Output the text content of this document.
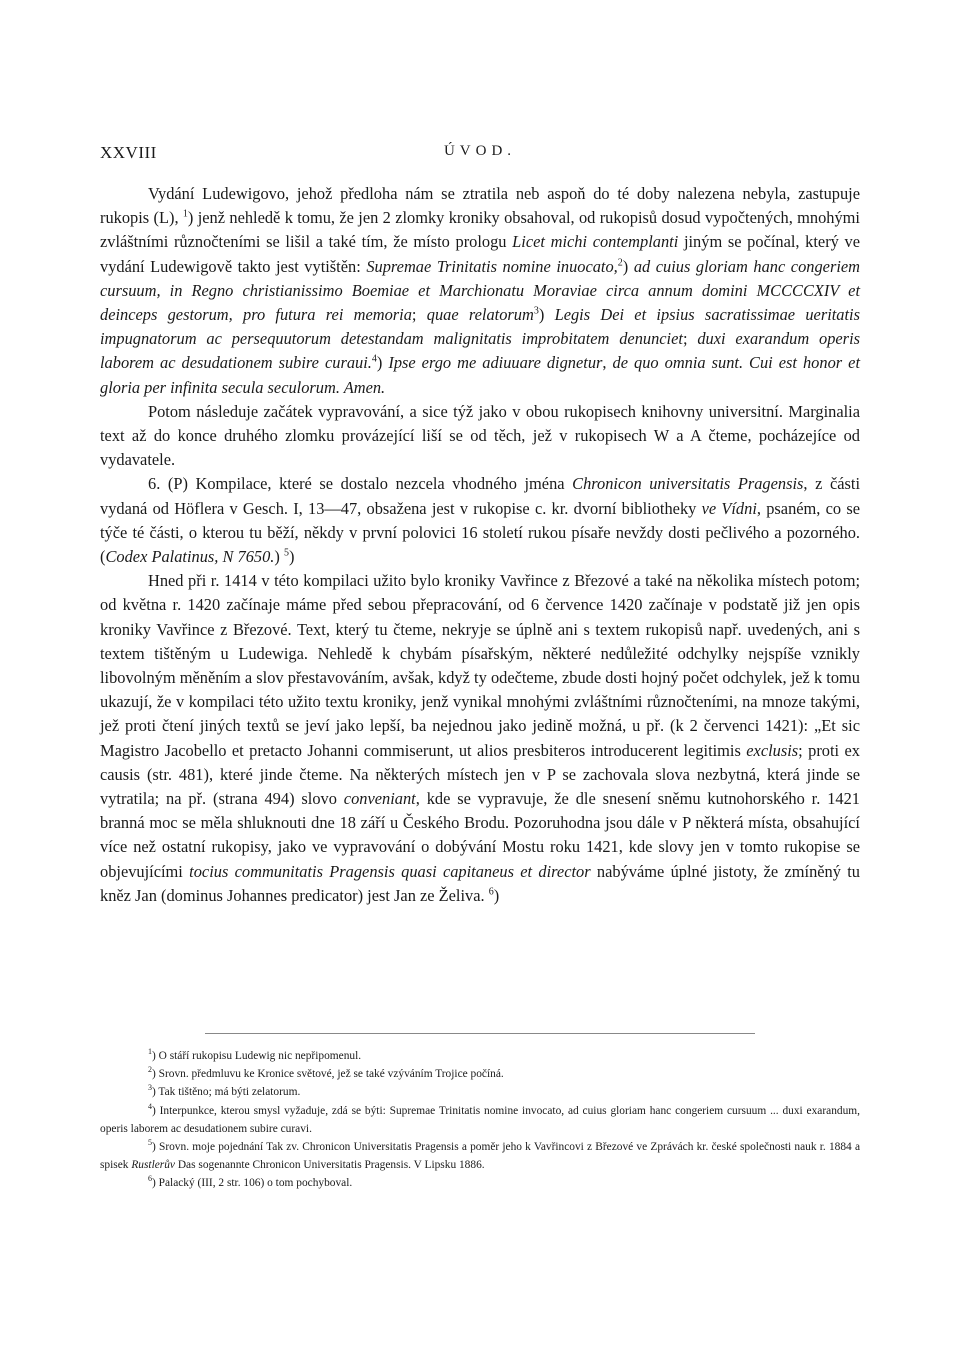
XXVIII	ÚVOD.

Vydání Ludewigovo, jehož předloha nám se ztratila neb aspoň do té doby nalezena nebyla, zastupuje rukopis (L), $^1$) jenž nehledě k tomu, že jen 2 zlomky kroniky obsahoval, od rukopisů dosud vypočtených, mnohými zvláštními různočteními se lišil a také tím, že místo prologu Licet michi contemplanti jiným se počínal, který ve vydání Ludewigově takto jest vytištěn: Supremae Trinitatis nomine inuocato,$^2$) ad cuius gloriam hanc congeriem cursuum, in Regno christianissimo Boemiae et Marchionatu Moraviae circa annum domini MCCCCXIV et deinceps gestorum, pro futura rei memoria; quae relatorum$^3$) Legis Dei et ipsius sacratissimae ueritatis impugnatorum ac persequutorum detestandam malignitatis improbitatem denunciet; duxi exarandum operis laborem ac desudationem subire curaui.$^4$) Ipse ergo me adiuuare dignetur, de quo omnia sunt. Cui est honor et gloria per infinita secula seculorum. Amen.

Potom následuje začátek vypravování, a sice týž jako v obou rukopisech knihovny universitní. Marginalia text až do konce druhého zlomku provázející liší se od těch, jež v rukopisech W a A čteme, pocházejíce od vydavatele.

6. (P) Kompilace, které se dostalo nezcela vhodného jména Chronicon universitatis Pragensis, z části vydaná od Höflera v Gesch. I, 13—47, obsažena jest v rukopise c. kr. dvorní bibliotheky ve Vídni, psaném, co se týče té části, o kterou tu běží, někdy v první polovici 16 století rukou písaře nevždy dosti pečlivého a pozorného. (Codex Palatinus, N 7650.) $^5$)

Hned při r. 1414 v této kompilaci užito bylo kroniky Vavřince z Březové a také na několika místech potom; od května r. 1420 začínaje máme před sebou přepracování, od 6 července 1420 začínaje v podstatě již jen opis kroniky Vavřince z Březové. Text, který tu čteme, nekryje se úplně ani s textem rukopisů např. uvedených, ani s textem tištěným u Ludewiga. Nehledě k chybám písařským, některé nedůležité odchylky nejspíše vznikly libovolným měněním a slov přestavováním, avšak, když ty odečteme, zbude dosti hojný počet odchylek, jež k tomu ukazují, že v kompilaci této užito textu kroniky, jenž vynikal mnohými zvláštními různočteními, na mnoze takými, jež proti čtení jiných textů se jeví jako lepší, ba nejednou jako jedině možná, u př. (k 2 červenci 1421): „Et sic Magistro Jacobello et pretacto Johanni commiserunt, ut alios presbiteros introducerent legitimis exclusis; proti ex causis (str. 481), které jinde čteme. Na některých místech jen v P se zachovala slova nezbytná, která jinde se vytratila; na př. (strana 494) slovo conveniant, kde se vypravuje, že dle snesení sněmu kutnohorského r. 1421 branná moc se měla shluknouti dne 18 září u Českého Brodu. Pozoruhodna jsou dále v P některá místa, obsahující více než ostatní rukopisy, jako ve vypravování o dobývání Mostu roku 1421, kde slovy jen v tomto rukopise se objevujícími tocius communitatis Pragensis quasi capitaneus et director nabýváme úplné jistoty, že zmíněný tu kněz Jan (dominus Johannes predicator) jest Jan ze Želiva. $^6$)

$^1$) O stáří rukopisu Ludewig nic nepřipomenul.

$^2$) Srovn. předmluvu ke Kronice světové, jež se také vzýváním Trojice počíná.

$^3$) Tak tištěno; má býti zelatorum.

$^4$) Interpunkce, kterou smysl vyžaduje, zdá se býti: Supremae Trinitatis nomine invocato, ad cuius gloriam hanc congeriem cursuum ... duxi exarandum, operis laborem ac desudationem subire curavi.

$^5$) Srovn. moje pojednání Tak zv. Chronicon Universitatis Pragensis a poměr jeho k Vavřincovi z Březové ve Zprávách kr. české společnosti nauk r. 1884 a spisek Rustlerův Das sogenannte Chronicon Universitatis Pragensis. V Lipsku 1886.

$^6$) Palacký (III, 2 str. 106) o tom pochyboval.
